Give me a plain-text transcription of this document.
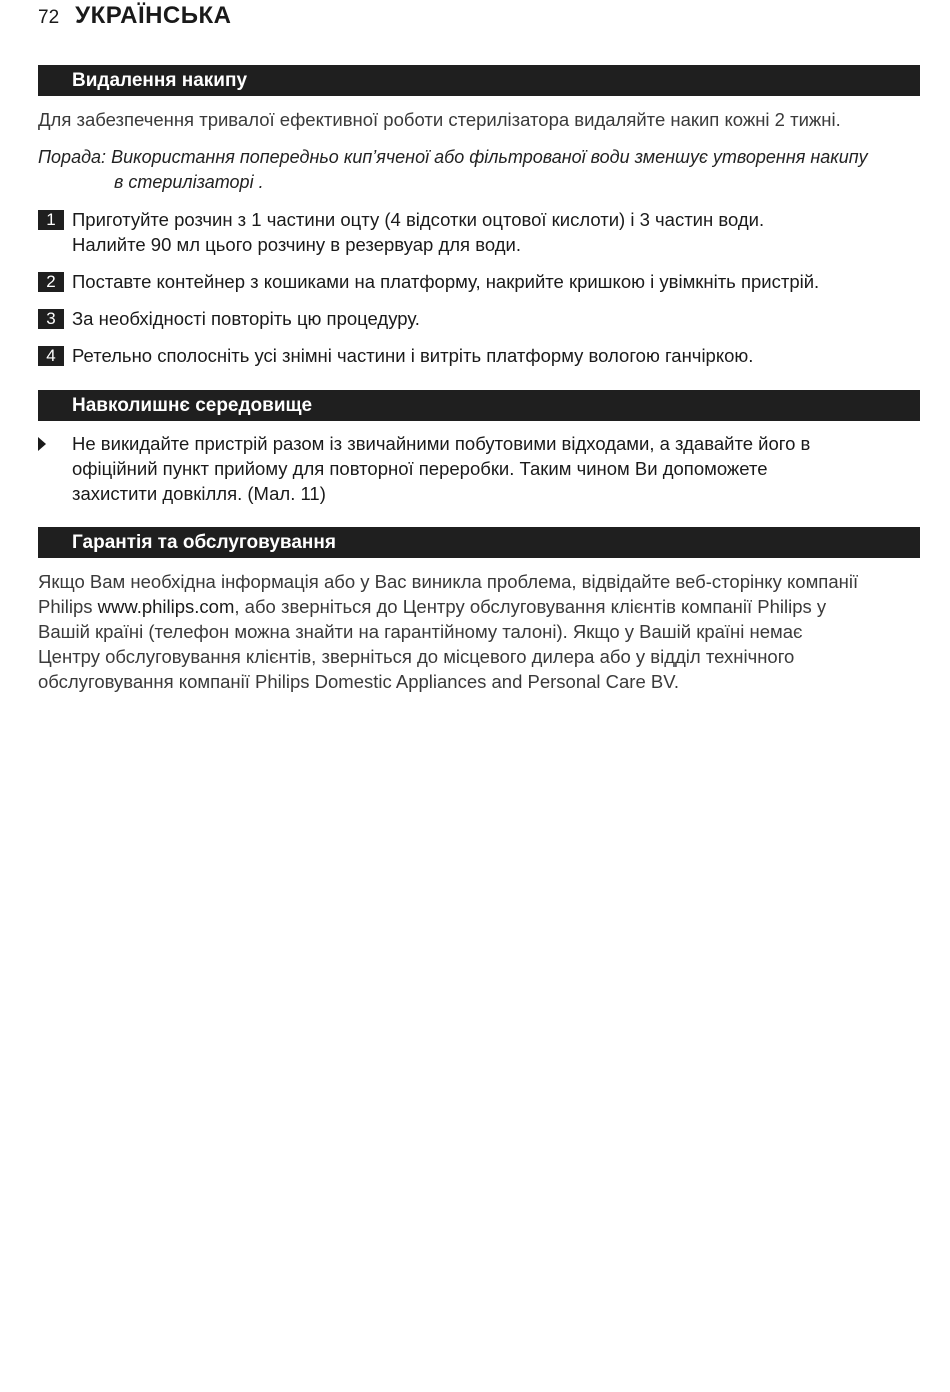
72 УКРАЇНСЬКА
Видалення накипу
Для забезпечення тривалої ефективної роботи стерилізатора видаляйте накип кожні 2 тижні.
Порада: Використання попередньо кип’яченої або фільтрованої води зменшує утворення накипу
в стерилізаторі .
1 Приготуйте розчин з 1 частини оцту (4 відсотки оцтової кислоти) і 3 частин води.
Налийте 90 мл цього розчину в резервуар для води.
2 Поставте контейнер з кошиками на платформу, накрийте кришкою і увімкніть пристрій.
3 За необхідності повторіть цю процедуру.
4 Ретельно сполосніть усі знімні частини і витріть платформу вологою ганчіркою.
Навколишнє середовище
Не викидайте пристрій разом із звичайними побутовими відходами, а здавайте його в
офіційний пункт прийому для повторної переробки. Таким чином Ви допоможете
захистити довкілля. (Мал. 11)
Гарантія та обслуговування
Якщо Вам необхідна інформація або у Вас виникла проблема, відвідайте веб-сторінку компанії
Philips www.philips.com, або зверніться до Центру обслуговування клієнтів компанії Philips у
Вашій країні (телефон можна знайти на гарантійному талоні). Якщо у Вашій країні немає
Центру обслуговування клієнтів, зверніться до місцевого дилера або у відділ технічного
обслуговування компанії Philips Domestic Appliances and Personal Care BV.
